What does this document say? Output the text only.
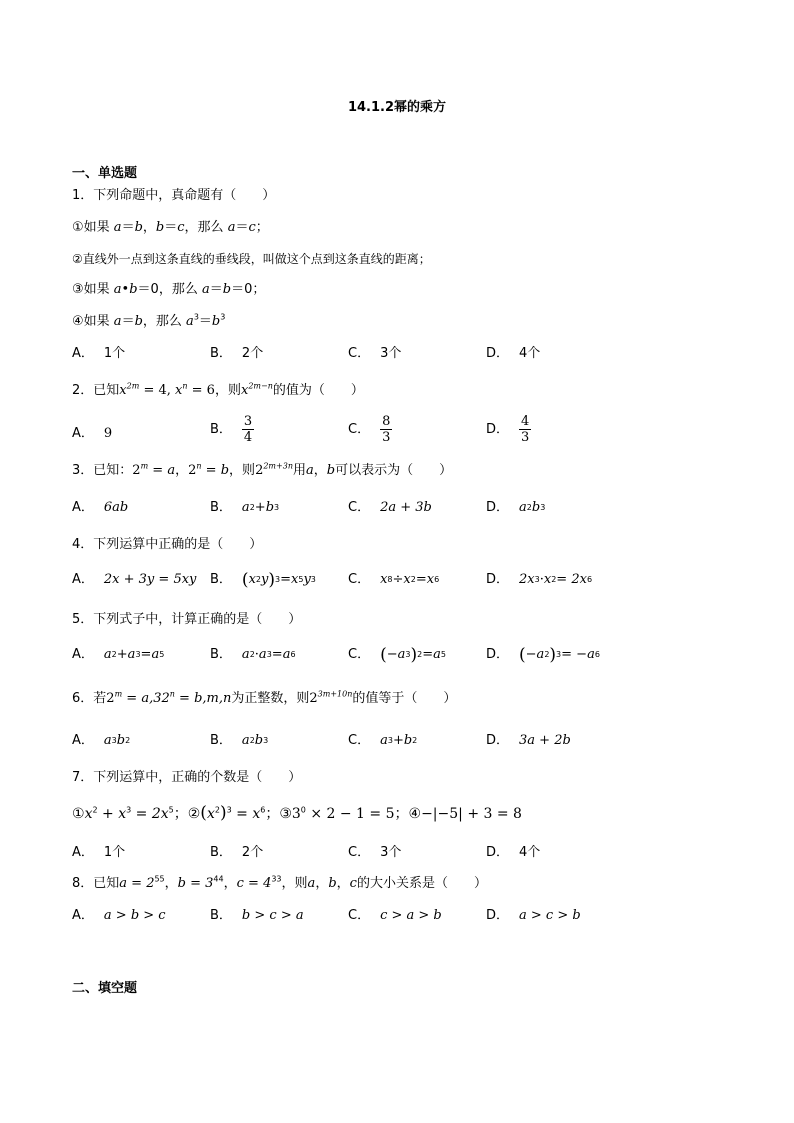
14.1.2幂的乘方
一、单选题
1．下列命题中，真命题有（　　）
①如果 a＝b，b＝c，那么 a＝c；
②直线外一点到这条直线的垂线段，叫做这个点到这条直线的距离；
③如果 a•b＝0，那么 a＝b＝0；
④如果 a＝b，那么 $a^3=b^3$
A． 1个	B． 2个	C． 3个	D． 4个
2．已知$x^{2m} = 4$, $x^n = 6$，则$x^{2m-n}$的值为（　　）
A． 9	B． $\frac{3}{4}$	C． $\frac{8}{3}$	D． $\frac{4}{3}$
3．已知：$2^m = a$，$2^n = b$，则$2^{2m+3n}$用a，b可以表示为（　　）
A． 6ab	B． a 2 + b 3	C． 2a + 3b	D． a 2 b 3
4．下列运算中正确的是（　　）
A． 2x + 3y = 5xy B． ( x 2 y ) 3 = x 5 y 3 C． x 8 ÷ x 2 = x 6	D． 2x 3 · x 2 = 2x 6
5．下列式子中，计算正确的是（　　）
A． a 2 + a 3 = a 5	B． a 2 · a 3 = a 6	C． ( −a 3 ) 2 = a 5	D． ( −a 2 ) 3 = − a 6
6．若$2^m = a,32^n = b,m,n$为正整数，则$2^{3m+10n}$的值等于（　　）
A． a 3 b 2	B． a 2 b 3	C． a 3 + b 2	D． 3a + 2b
7．下列运算中，正确的个数是（　　）
$①x^2 + x^3 = 2x^5$；$②(x^2)^3 = x^6$；$③3^0 \times 2 - 1 = 5$；④−|−5| + 3 = 8
A． 1个	B． 2个	C． 3个	D． 4个
8．已知$a = 2^{55}$，$b = 3^{44}$，$c = 4^{33}$，则a，b，c的大小关系是（　　）
A． a > b > c	B． b > c > a	C． c > a > b	D． a > c > b
二、填空题
